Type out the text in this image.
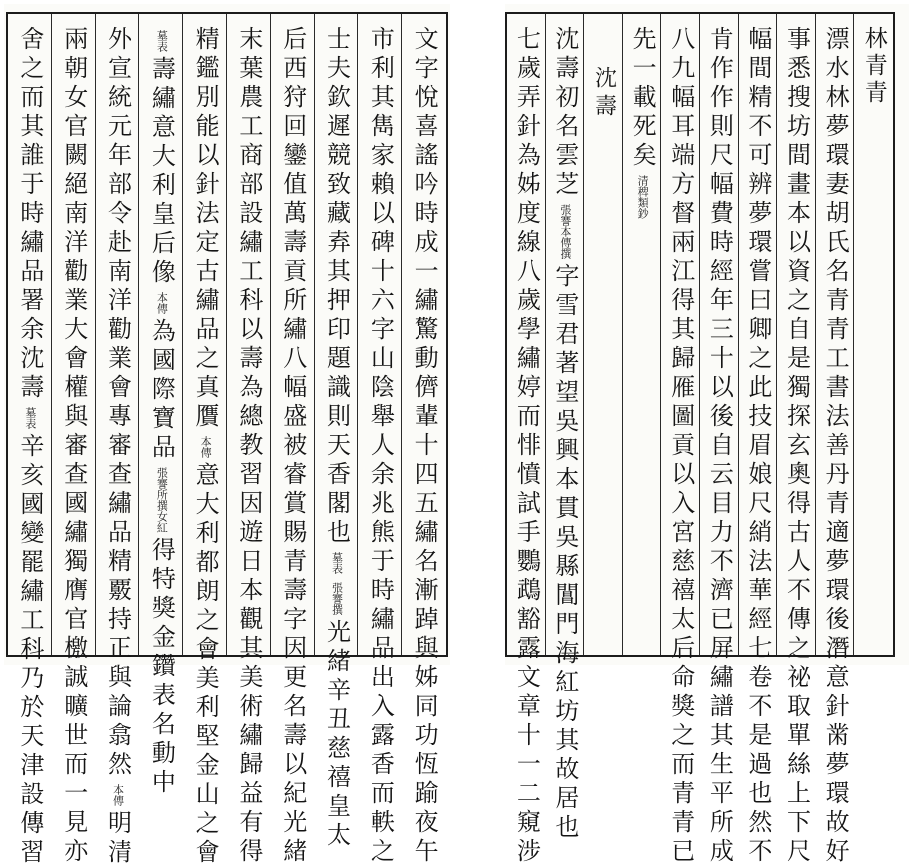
文字悅喜謠吟時成一繡驚動儕輩十四五繡名漸踔與姊同功恆踰夜午
市利其雋家賴以碑十六字山陰舉人余兆熊于時繡品出入露香而軼之
士夫欽遲競致藏弆其押印題識則天香閣也墓表張謇撰光緒辛丑慈禧皇太
后西狩回鑾值萬壽貢所繡八幅盛被睿賞賜青壽字因更名壽以紀光緒
末葉農工商部設繡工科以壽為總教習因遊日本觀其美術繡歸益有得
精鑑別能以針法定古繡品之真贋本傳意大利都朗之會美利堅金山之會
墓表壽繡意大利皇后像本傳為國際寶品張謇所撰女紅得特獎金鑽表名動中
外宣統元年部令赴南洋勸業會專審查繡品精覈持正與論翕然本傳明清
兩朝女官闕絕南洋勸業大會權與審查國繡獨膺官檄誠曠世而一見亦
舍之而其誰于時繡品署余沈壽墓表辛亥國變罷繡工科乃於天津設傳習
林青青
漂水林夢環妻胡氏名青青工書法善丹青適夢環後潛意針黹夢環故好
事悉搜坊間畫本以資之自是獨探玄奧得古人不傳之祕取單絲上下尺
幅間精不可辨夢環嘗曰卿之此技眉娘尺綃法華經七卷不是過也然不
肯作作則尺幅費時經年三十以後自云目力不濟已屏繡譜其生平所成
八九幅耳端方督兩江得其歸雁圖貢以入宮慈禧太后命獎之而青青已
先一載死矣清稗類鈔
沈壽
沈壽初名雲芝張謇本傳撰字雪君著望吳興本貫吳縣閶門海紅坊其故居也
七歲弄針為姊度線八歲學繡婷而悱憤試手鸚鵡豁露文章十一二窺涉
